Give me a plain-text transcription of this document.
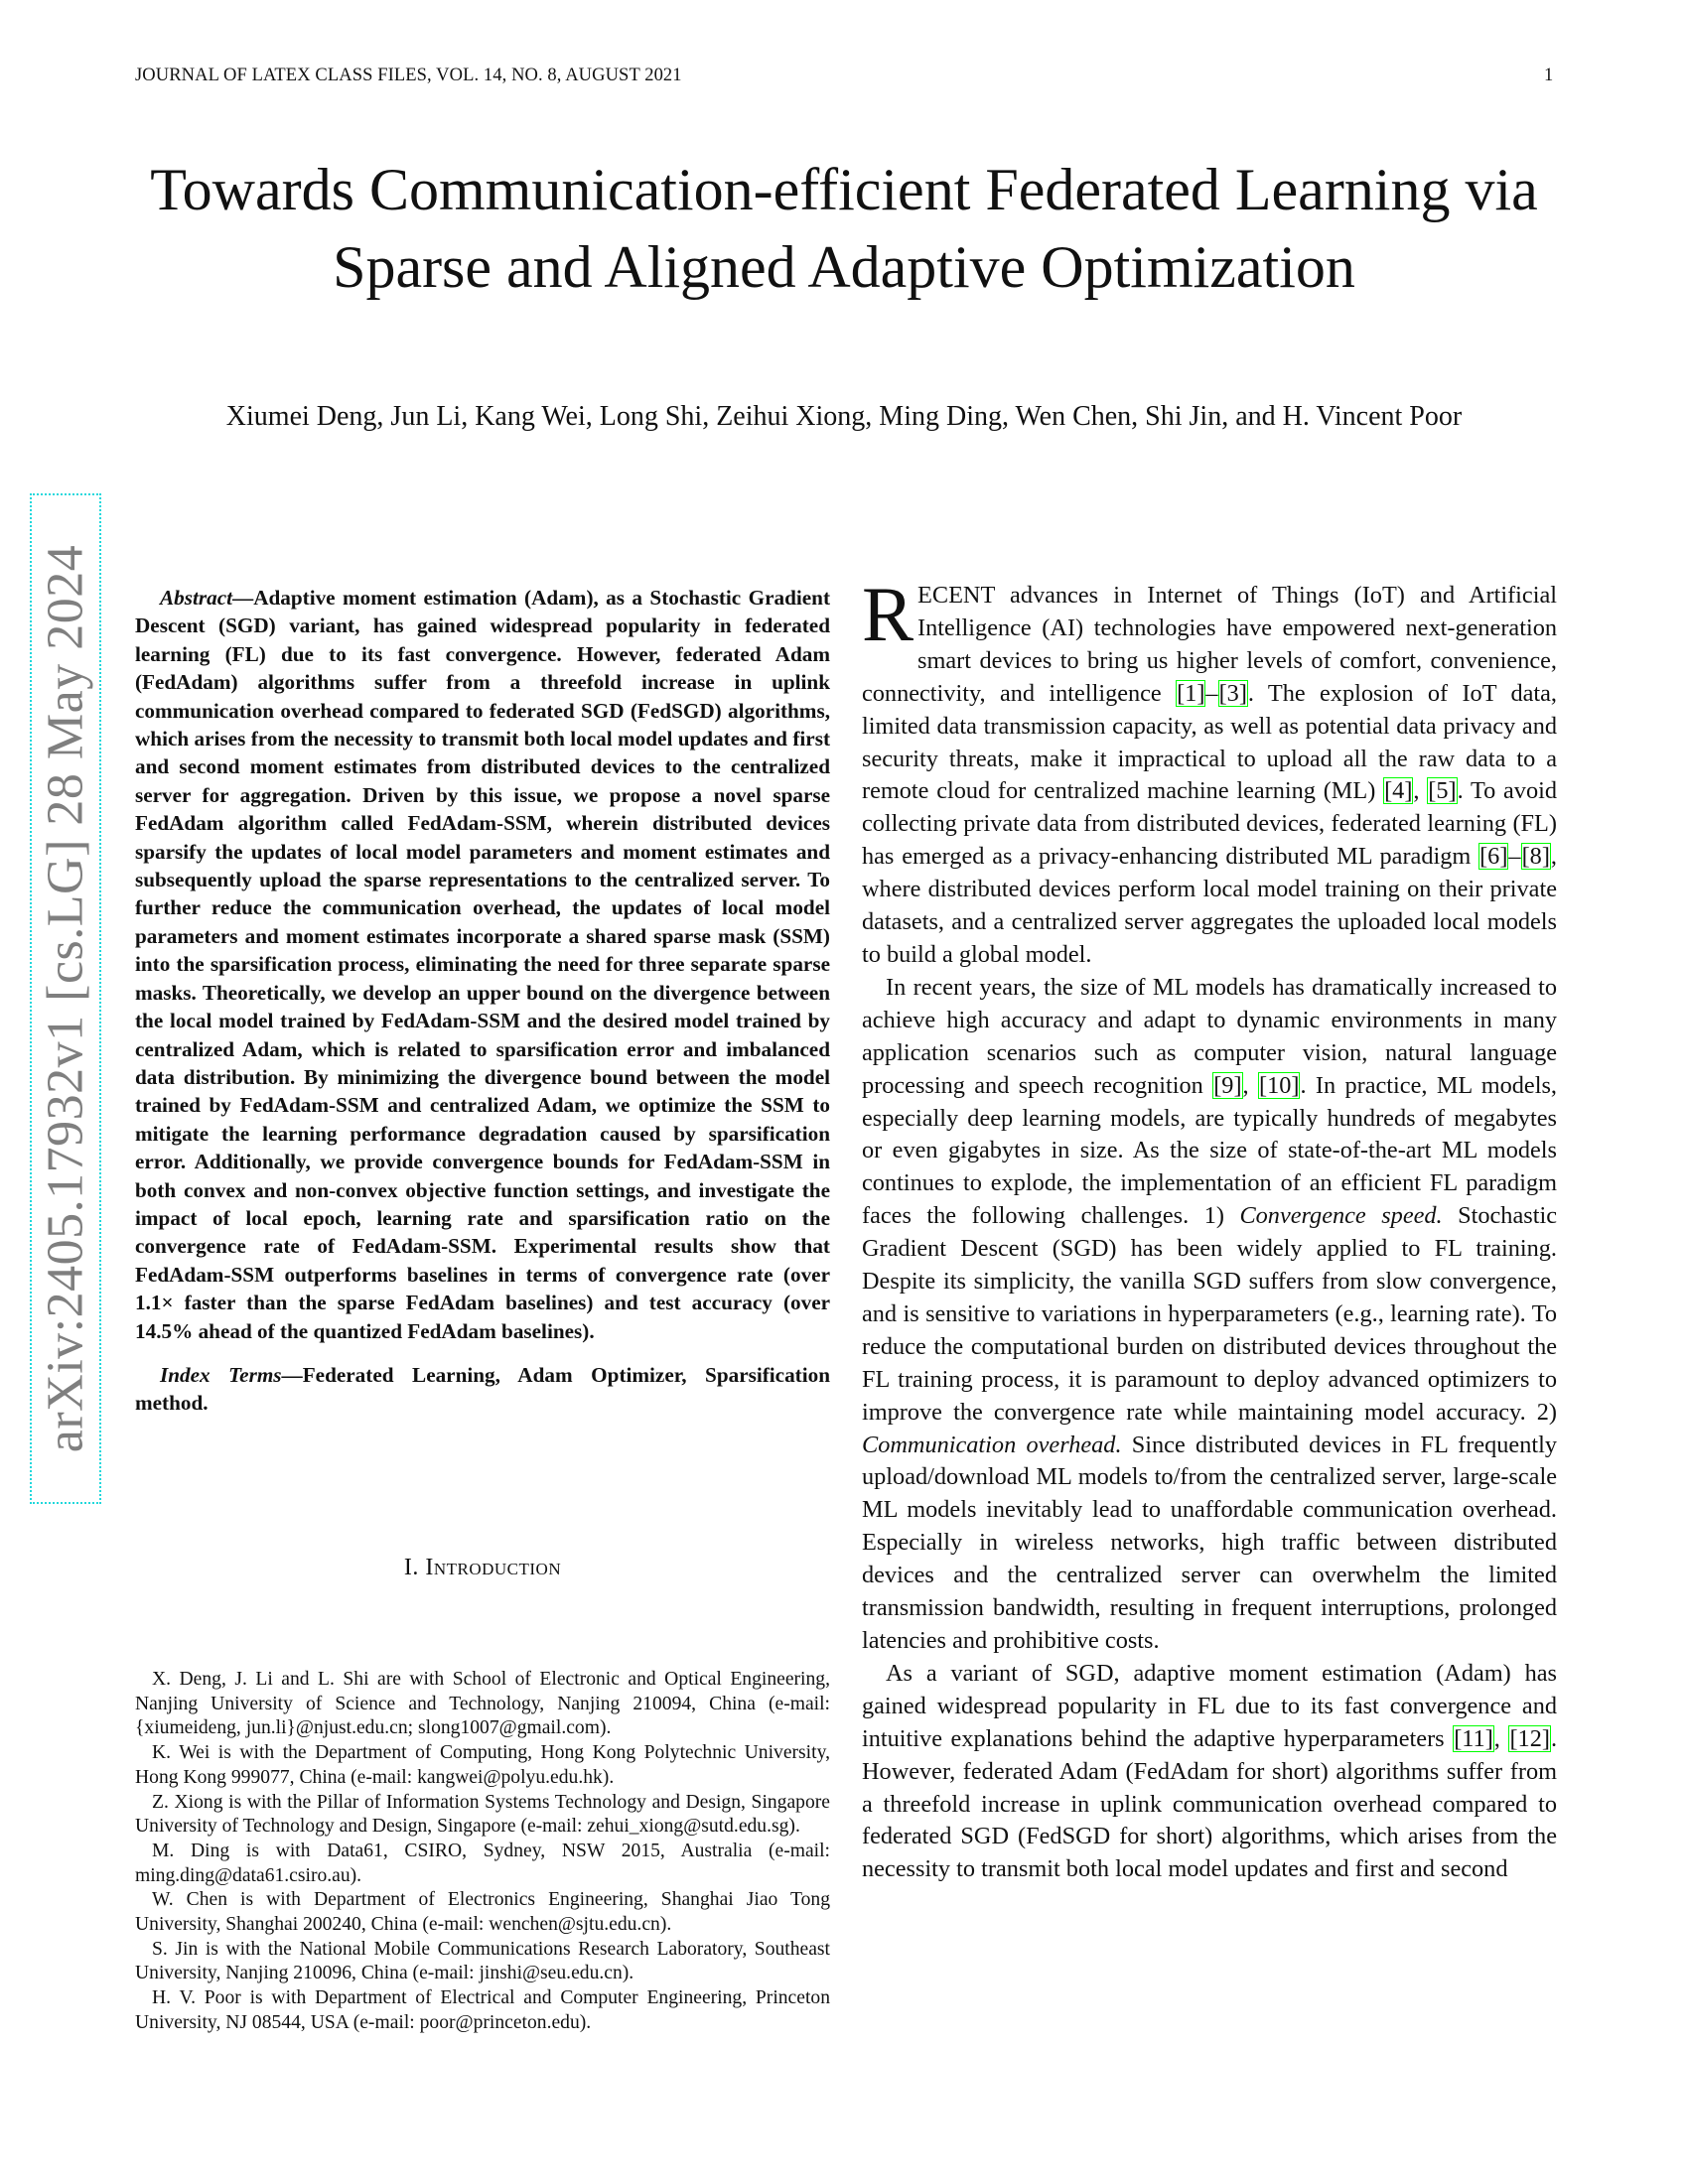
JOURNAL OF LATEX CLASS FILES, VOL. 14, NO. 8, AUGUST 2021	1
Towards Communication-efficient Federated Learning via Sparse and Aligned Adaptive Optimization
Xiumei Deng, Jun Li, Kang Wei, Long Shi, Zeihui Xiong, Ming Ding, Wen Chen, Shi Jin, and H. Vincent Poor
arXiv:2405.17932v1 [cs.LG] 28 May 2024	Abstract—Adaptive moment estimation (Adam), as a Stochastic Gradient Descent (SGD) variant, has gained widespread popularity in federated learning (FL) due to its fast convergence. However, federated Adam (FedAdam) algorithms suffer from a threefold increase in uplink communication overhead compared to federated SGD (FedSGD) algorithms, which arises from the necessity to transmit both local model updates and first and second moment estimates from distributed devices to the centralized server for aggregation. Driven by this issue, we propose a novel sparse FedAdam algorithm called FedAdam-SSM, wherein distributed devices sparsify the updates of local model parameters and moment estimates and subsequently upload the sparse representations to the centralized server. To further reduce the communication overhead, the updates of local model parameters and moment estimates incorporate a shared sparse mask (SSM) into the sparsification process, eliminating the need for three separate sparse masks. Theoretically, we develop an upper bound on the divergence between the local model trained by FedAdam-SSM and the desired model trained by centralized Adam, which is related to sparsification error and imbalanced data distribution. By minimizing the divergence bound between the model trained by FedAdam-SSM and centralized Adam, we optimize the SSM to mitigate the learning performance degradation caused by sparsification error. Additionally, we provide convergence bounds for FedAdam-SSM in both convex and non-convex objective function settings, and investigate the impact of local epoch, learning rate and sparsification ratio on the convergence rate of FedAdam-SSM. Experimental results show that FedAdam-SSM outperforms baselines in terms of convergence rate (over 1.1× faster than the sparse FedAdam baselines) and test accuracy (over 14.5% ahead of the quantized FedAdam baselines).

Index Terms—Federated Learning, Adam Optimizer, Sparsification method.

I. Introduction

X. Deng, J. Li and L. Shi are with School of Electronic and Optical Engineering, Nanjing University of Science and Technology, Nanjing 210094, China (e-mail: {xiumeideng, jun.li}@njust.edu.cn; slong1007@gmail.com).

K. Wei is with the Department of Computing, Hong Kong Polytechnic University, Hong Kong 999077, China (e-mail: kangwei@polyu.edu.hk).

Z. Xiong is with the Pillar of Information Systems Technology and Design, Singapore University of Technology and Design, Singapore (e-mail: zehui_xiong@sutd.edu.sg).

M. Ding is with Data61, CSIRO, Sydney, NSW 2015, Australia (e-mail: ming.ding@data61.csiro.au).

W. Chen is with Department of Electronics Engineering, Shanghai Jiao Tong University, Shanghai 200240, China (e-mail: wenchen@sjtu.edu.cn).

S. Jin is with the National Mobile Communications Research Laboratory, Southeast University, Nanjing 210096, China (e-mail: jinshi@seu.edu.cn).

H. V. Poor is with Department of Electrical and Computer Engineering, Princeton University, NJ 08544, USA (e-mail: poor@princeton.edu).

RECENT advances in Internet of Things (IoT) and Artificial Intelligence (AI) technologies have empowered next-generation smart devices to bring us higher levels of comfort, convenience, connectivity, and intelligence [1]–[3]. The explosion of IoT data, limited data transmission capacity, as well as potential data privacy and security threats, make it impractical to upload all the raw data to a remote cloud for centralized machine learning (ML) [4], [5]. To avoid collecting private data from distributed devices, federated learning (FL) has emerged as a privacy-enhancing distributed ML paradigm [6]–[8], where distributed devices perform local model training on their private datasets, and a centralized server aggregates the uploaded local models to build a global model.

In recent years, the size of ML models has dramatically increased to achieve high accuracy and adapt to dynamic environments in many application scenarios such as computer vision, natural language processing and speech recognition [9], [10]. In practice, ML models, especially deep learning models, are typically hundreds of megabytes or even gigabytes in size. As the size of state-of-the-art ML models continues to explode, the implementation of an efficient FL paradigm faces the following challenges. 1) Convergence speed. Stochastic Gradient Descent (SGD) has been widely applied to FL training. Despite its simplicity, the vanilla SGD suffers from slow convergence, and is sensitive to variations in hyperparameters (e.g., learning rate). To reduce the computational burden on distributed devices throughout the FL training process, it is paramount to deploy advanced optimizers to improve the convergence rate while maintaining model accuracy. 2) Communication overhead. Since distributed devices in FL frequently upload/download ML models to/from the centralized server, large-scale ML models inevitably lead to unaffordable communication overhead. Especially in wireless networks, high traffic between distributed devices and the centralized server can overwhelm the limited transmission bandwidth, resulting in frequent interruptions, prolonged latencies and prohibitive costs.

As a variant of SGD, adaptive moment estimation (Adam) has gained widespread popularity in FL due to its fast convergence and intuitive explanations behind the adaptive hyperparameters [11], [12]. However, federated Adam (FedAdam for short) algorithms suffer from a threefold increase in uplink communication overhead compared to federated SGD (FedSGD for short) algorithms, which arises from the necessity to transmit both local model updates and first and second
